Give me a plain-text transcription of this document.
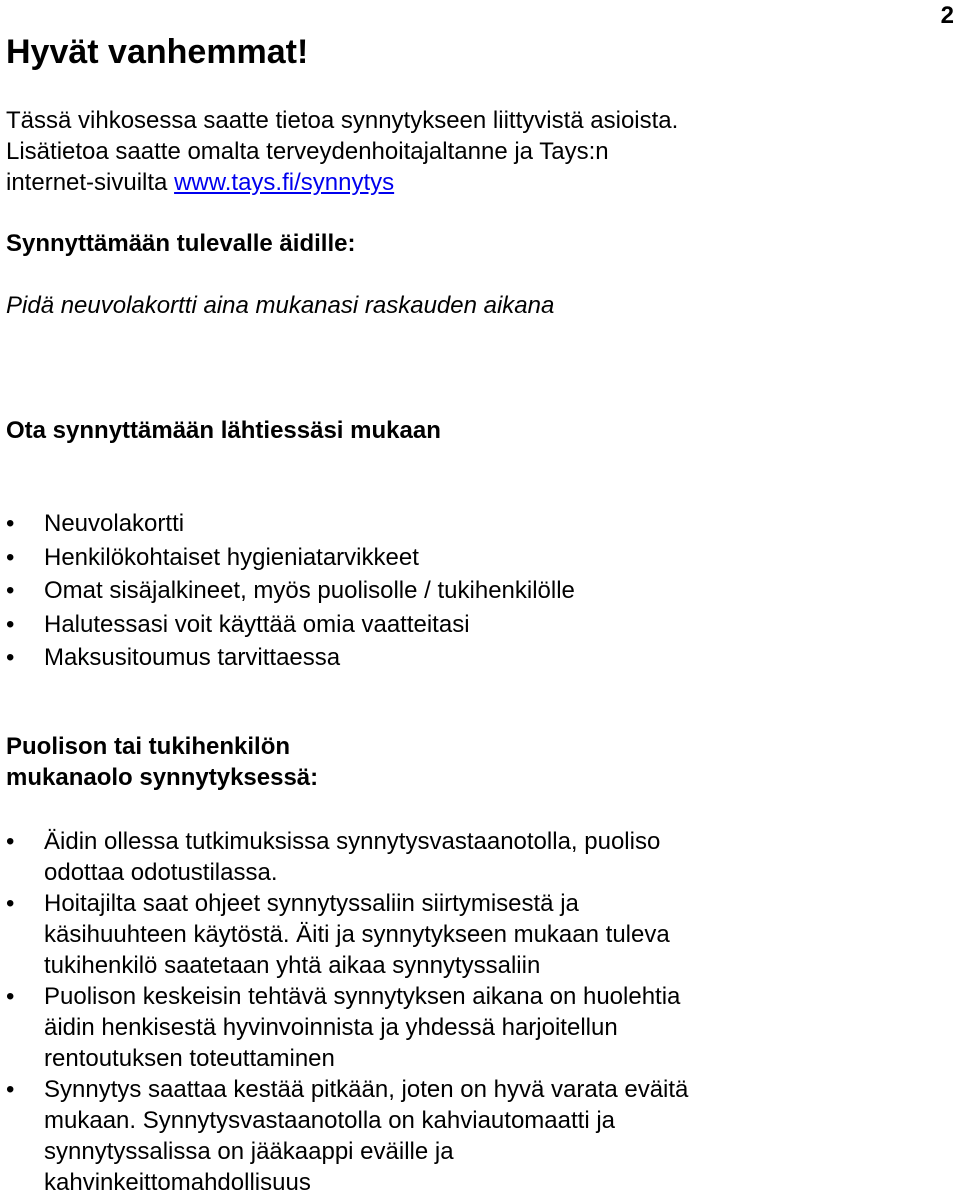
2
Hyvät vanhemmat!
Tässä vihkosessa saatte tietoa synnytykseen liittyvistä asioista.
Lisätietoa saatte omalta terveydenhoitajaltanne ja Tays:n
internet-sivuilta www.tays.fi/synnytys
Synnyttämään tulevalle äidille:
Pidä neuvolakortti aina mukanasi raskauden aikana
Ota synnyttämään lähtiessäsi mukaan
• Neuvolakortti
• Henkilökohtaiset hygieniatarvikkeet
• Omat sisäjalkineet, myös puolisolle / tukihenkilölle
• Halutessasi voit käyttää omia vaatteitasi
• Maksusitoumus tarvittaessa
Puolison tai tukihenkilön
mukanaolo synnytyksessä:
• Äidin ollessa tutkimuksissa synnytysvastaanotolla, puoliso
odottaa odotustilassa.
• Hoitajilta saat ohjeet synnytyssaliin siirtymisestä ja
käsihuuhteen käytöstä. Äiti ja synnytykseen mukaan tuleva
tukihenkilö saatetaan yhtä aikaa synnytyssaliin
• Puolison keskeisin tehtävä synnytyksen aikana on huolehtia
äidin henkisestä hyvinvoinnista ja yhdessä harjoitellun
rentoutuksen toteuttaminen
• Synnytys saattaa kestää pitkään, joten on hyvä varata eväitä
mukaan. Synnytysvastaanotolla on kahviautomaatti ja
synnytyssalissa on jääkaappi eväille ja
kahvinkeittomahdollisuus
